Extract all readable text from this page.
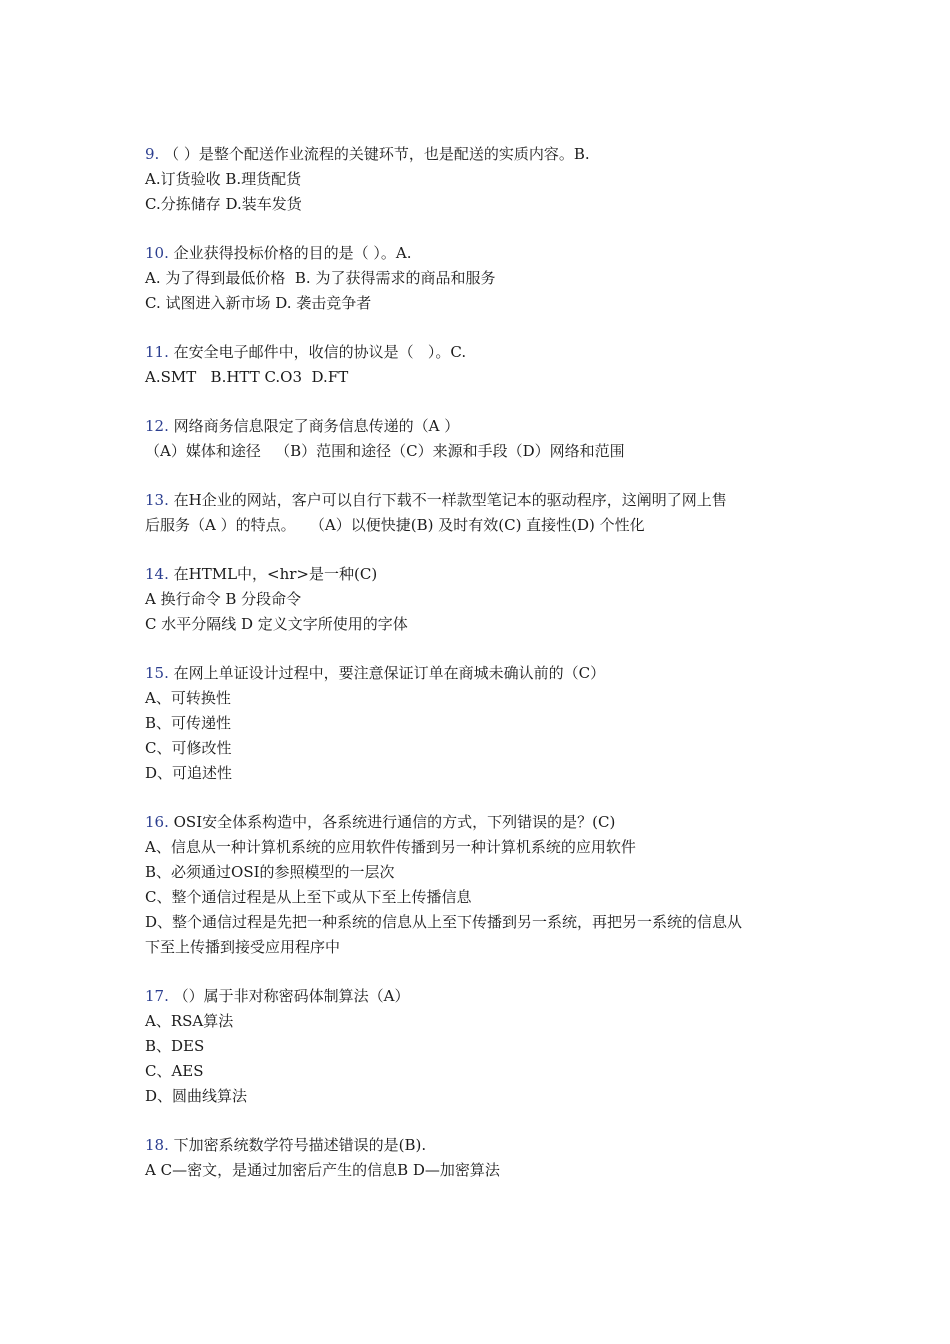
9. （ ）是整个配送作业流程的关键环节，也是配送的实质内容。B.

A.订货验收 B.理货配货

C.分拣储存 D.装车发货

10. 企业获得投标价格的目的是（ ）。A.

A. 为了得到最低价格  B. 为了获得需求的商品和服务

C. 试图进入新市场 D. 袭击竞争者

11. 在安全电子邮件中，收信的协议是（   ）。C.

A.SMT   B.HTT C.O3  D.FT

12. 网络商务信息限定了商务信息传递的（A ）

（A）媒体和途径   （B）范围和途径（C）来源和手段（D）网络和范围

13. 在H企业的网站，客户可以自行下载不一样款型笔记本的驱动程序，这阐明了网上售

后服务（A ）的特点。   （A）以便快捷(B) 及时有效(C) 直接性(D) 个性化

14. 在HTML中，<hr>是一种(C)

A 换行命令 B 分段命令

C 水平分隔线 D 定义文字所使用的字体

15. 在网上单证设计过程中，要注意保证订单在商城未确认前的（C）

A、可转换性

B、可传递性

C、可修改性

D、可追述性

16. OSI安全体系构造中，各系统进行通信的方式，下列错误的是？(C)

A、信息从一种计算机系统的应用软件传播到另一种计算机系统的应用软件

B、必须通过OSI的参照模型的一层次

C、整个通信过程是从上至下或从下至上传播信息

D、整个通信过程是先把一种系统的信息从上至下传播到另一系统，再把另一系统的信息从

下至上传播到接受应用程序中

17. （）属于非对称密码体制算法（A）

A、RSA算法

B、DES

C、AES

D、圆曲线算法

18. 下加密系统数学符号描述错误的是(B).

A C—密文，是通过加密后产生的信息B D—加密算法
